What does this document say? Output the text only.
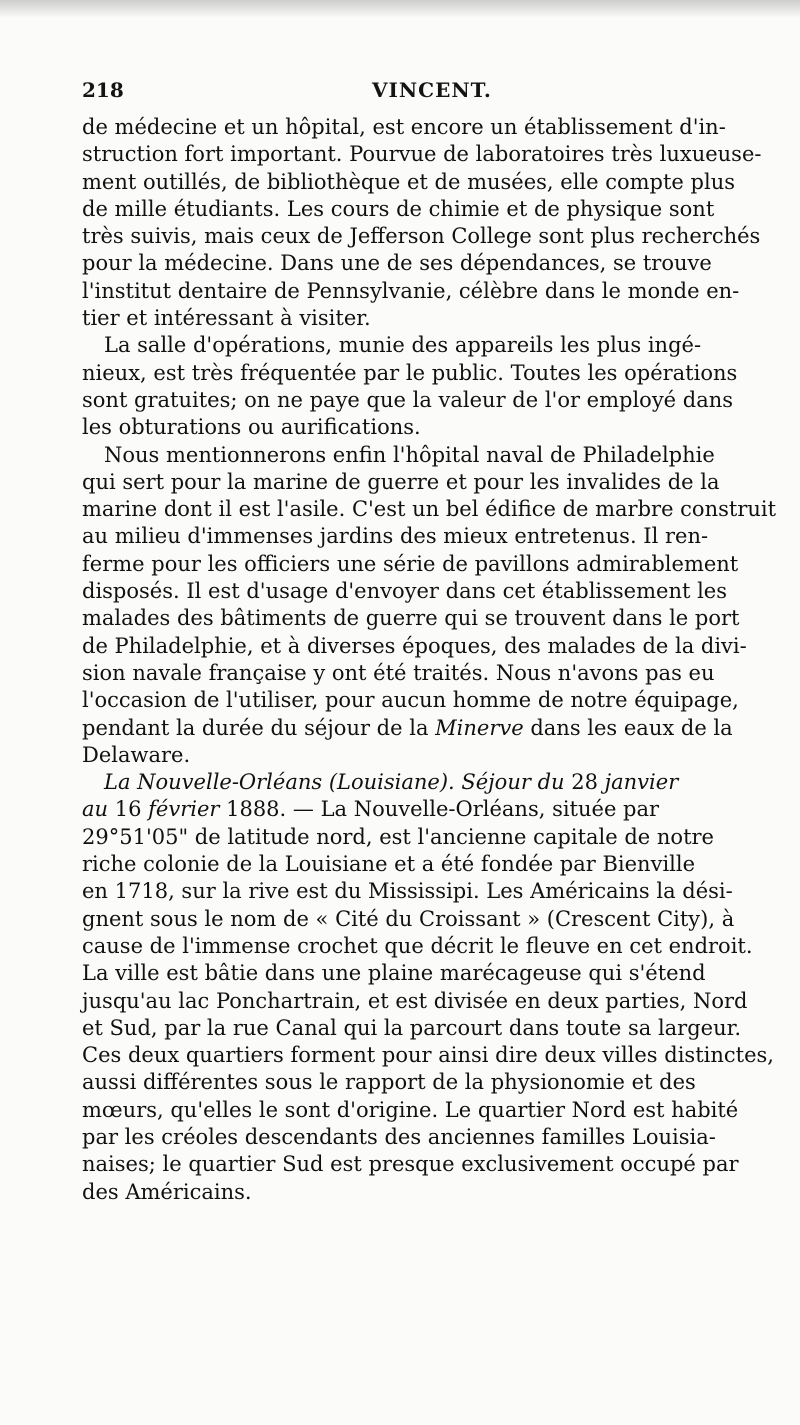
218	VINCENT.
de médecine et un hôpital, est encore un établissement d'in-
struction fort important. Pourvue de laboratoires très luxueuse-
ment outillés, de bibliothèque et de musées, elle compte plus
de mille étudiants. Les cours de chimie et de physique sont
très suivis, mais ceux de Jefferson College sont plus recherchés
pour la médecine. Dans une de ses dépendances, se trouve
l'institut dentaire de Pennsylvanie, célèbre dans le monde en-
tier et intéressant à visiter.
La salle d'opérations, munie des appareils les plus ingé-
nieux, est très fréquentée par le public. Toutes les opérations
sont gratuites; on ne paye que la valeur de l'or employé dans
les obturations ou aurifications.
Nous mentionnerons enfin l'hôpital naval de Philadelphie
qui sert pour la marine de guerre et pour les invalides de la
marine dont il est l'asile. C'est un bel édifice de marbre construit
au milieu d'immenses jardins des mieux entretenus. Il ren-
ferme pour les officiers une série de pavillons admirablement
disposés. Il est d'usage d'envoyer dans cet établissement les
malades des bâtiments de guerre qui se trouvent dans le port
de Philadelphie, et à diverses époques, des malades de la divi-
sion navale française y ont été traités. Nous n'avons pas eu
l'occasion de l'utiliser, pour aucun homme de notre équipage,
pendant la durée du séjour de la Minerve dans les eaux de la
Delaware.
La Nouvelle-Orléans (Louisiane). Séjour du 28 janvier
au 16 février 1888. — La Nouvelle-Orléans, située par
29°51'05" de latitude nord, est l'ancienne capitale de notre
riche colonie de la Louisiane et a été fondée par Bienville
en 1718, sur la rive est du Mississipi. Les Américains la dési-
gnent sous le nom de « Cité du Croissant » (Crescent City), à
cause de l'immense crochet que décrit le fleuve en cet endroit.
La ville est bâtie dans une plaine marécageuse qui s'étend
jusqu'au lac Ponchartrain, et est divisée en deux parties, Nord
et Sud, par la rue Canal qui la parcourt dans toute sa largeur.
Ces deux quartiers forment pour ainsi dire deux villes distinctes,
aussi différentes sous le rapport de la physionomie et des
mœurs, qu'elles le sont d'origine. Le quartier Nord est habité
par les créoles descendants des anciennes familles Louisia-
naises; le quartier Sud est presque exclusivement occupé par
des Américains.
